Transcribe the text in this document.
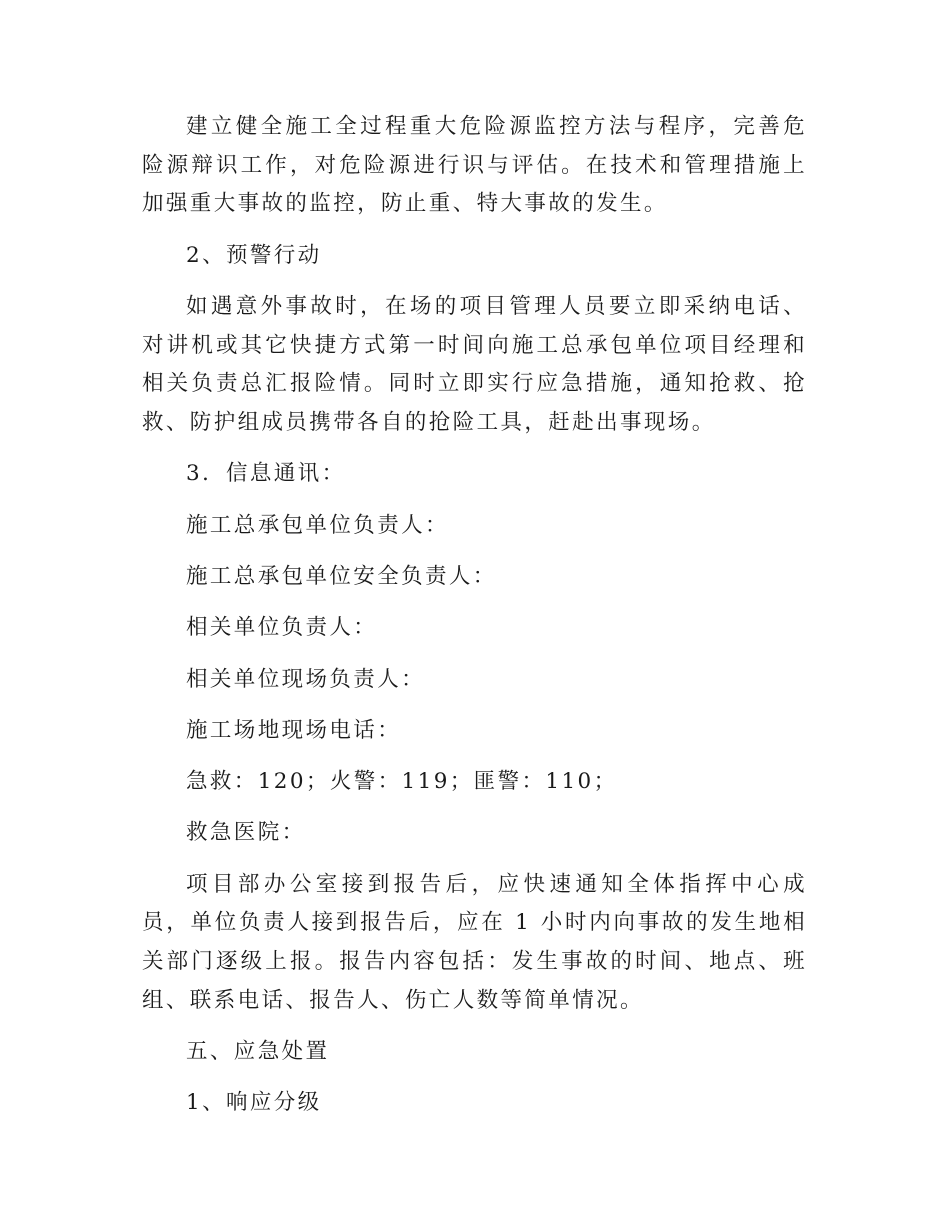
建立健全施工全过程重大危险源监控方法与程序，完善危险源辩识工作，对危险源进行识与评估。在技术和管理措施上加强重大事故的监控，防止重、特大事故的发生。

2、预警行动

如遇意外事故时，在场的项目管理人员要立即采纳电话、对讲机或其它快捷方式第一时间向施工总承包单位项目经理和相关负责总汇报险情。同时立即实行应急措施，通知抢救、抢救、防护组成员携带各自的抢险工具，赶赴出事现场。

3．信息通讯：

施工总承包单位负责人：

施工总承包单位安全负责人：

相关单位负责人：

相关单位现场负责人：

施工场地现场电话：

急救：120；火警：119；匪警：110；

救急医院：

项目部办公室接到报告后，应快速通知全体指挥中心成员，单位负责人接到报告后，应在 1 小时内向事故的发生地相关部门逐级上报。报告内容包括：发生事故的时间、地点、班组、联系电话、报告人、伤亡人数等简单情况。

五、应急处置

1、响应分级
